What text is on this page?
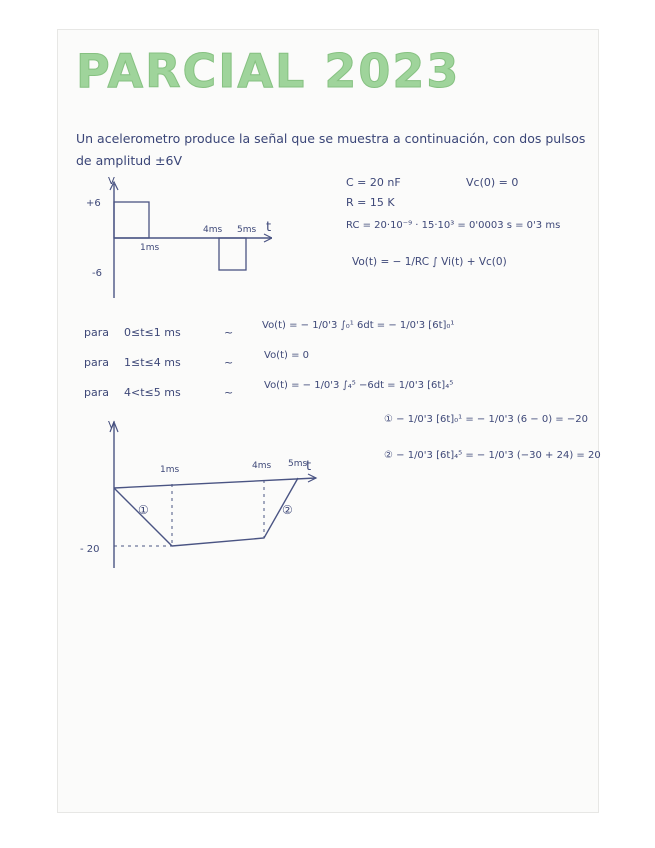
PARCIAL 2023
Un acelerometro produce la señal que se muestra a continuación, con dos pulsos
de amplitud ±6V
V
t
+6
-6
1ms
4ms 5ms
C = 20 nF	Vc(0) = 0
R = 15 K
RC = 20·10⁻⁹ · 15·10³ = 0'0003 s = 0'3 ms
Vo(t) = − 1/RC ∫ Vi(t) + Vc(0)
para 0≤t≤1 ms	~
Vo(t) = − 1/0'3 ∫₀¹ 6dt = − 1/0'3 [6t]₀¹
para 1≤t≤4 ms	~
Vo(t) = 0
para 4<t≤5 ms	~
Vo(t) = − 1/0'3 ∫₄⁵ −6dt = 1/0'3 [6t]₄⁵
① − 1/0'3 [6t]₀¹ = − 1/0'3 (6 − 0) = −20
② − 1/0'3 [6t]₄⁵ = − 1/0'3 (−30 + 24) = 20
V
t
1ms	4ms 5ms
- 20
①	②
